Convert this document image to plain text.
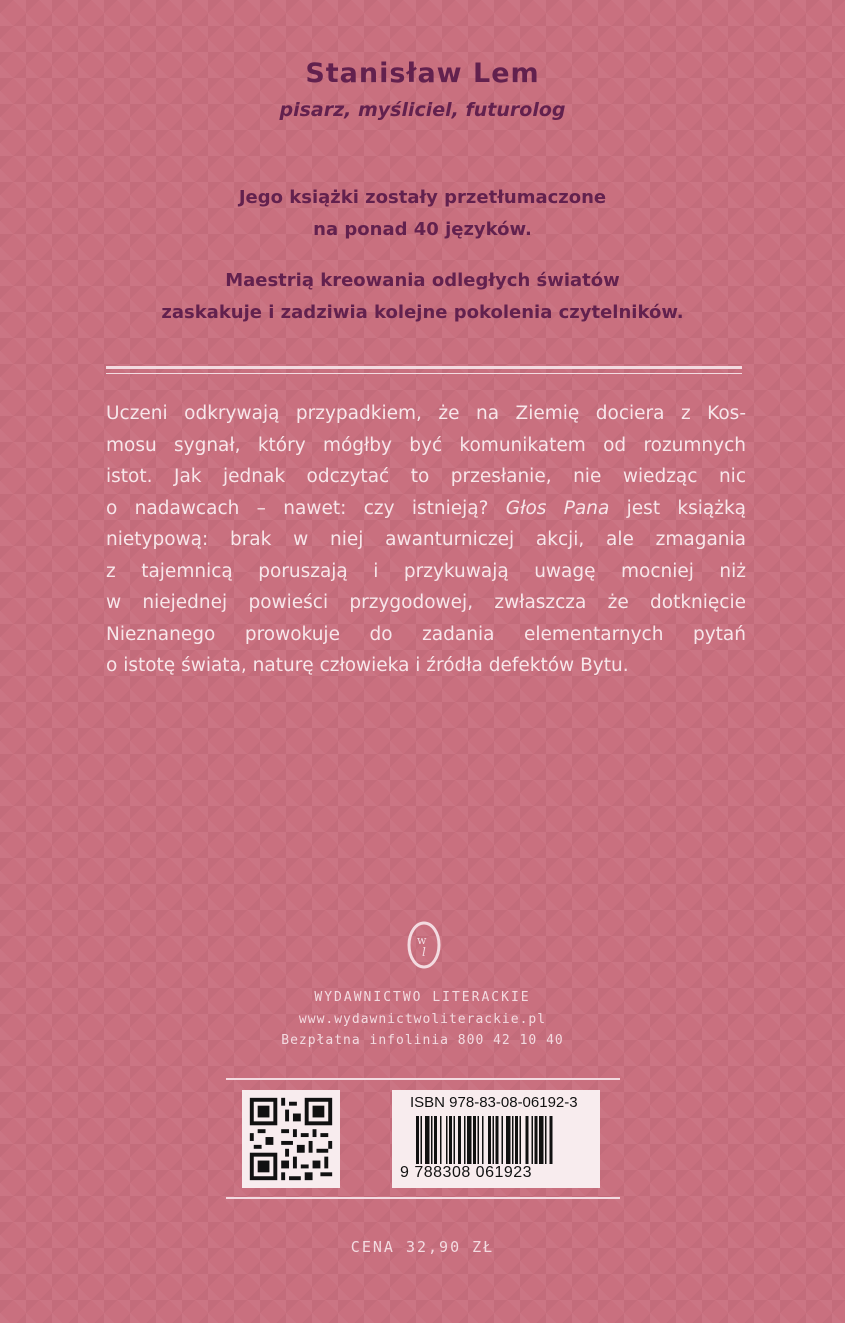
Stanisław Lem
pisarz, myśliciel, futurolog
Jego książki zostały przetłumaczone
na ponad 40 języków.
Maestrią kreowania odległych światów
zaskakuje i zadziwia kolejne pokolenia czytelników.
Uczeni odkrywają przypadkiem, że na Ziemię dociera z Kos-
mosu sygnał, który mógłby być komunikatem od rozumnych
istot. Jak jednak odczytać to przesłanie, nie wiedząc nic
o nadawcach – nawet: czy istnieją? Głos Pana jest książką
nietypową: brak w niej awanturniczej akcji, ale zmagania
z tajemnicą poruszają i przykuwają uwagę mocniej niż
w niejednej powieści przygodowej, zwłaszcza że dotknięcie
Nieznanego prowokuje do zadania elementarnych pytań
o istotę świata, naturę człowieka i źródła defektów Bytu.
w
l
WYDAWNICTWO LITERACKIE
www.wydawnictwoliterackie.pl
Bezpłatna infolinia 800 42 10 40
ISBN 978-83-08-06192-3
9 788308 061923
CENA 32,90 ZŁ
